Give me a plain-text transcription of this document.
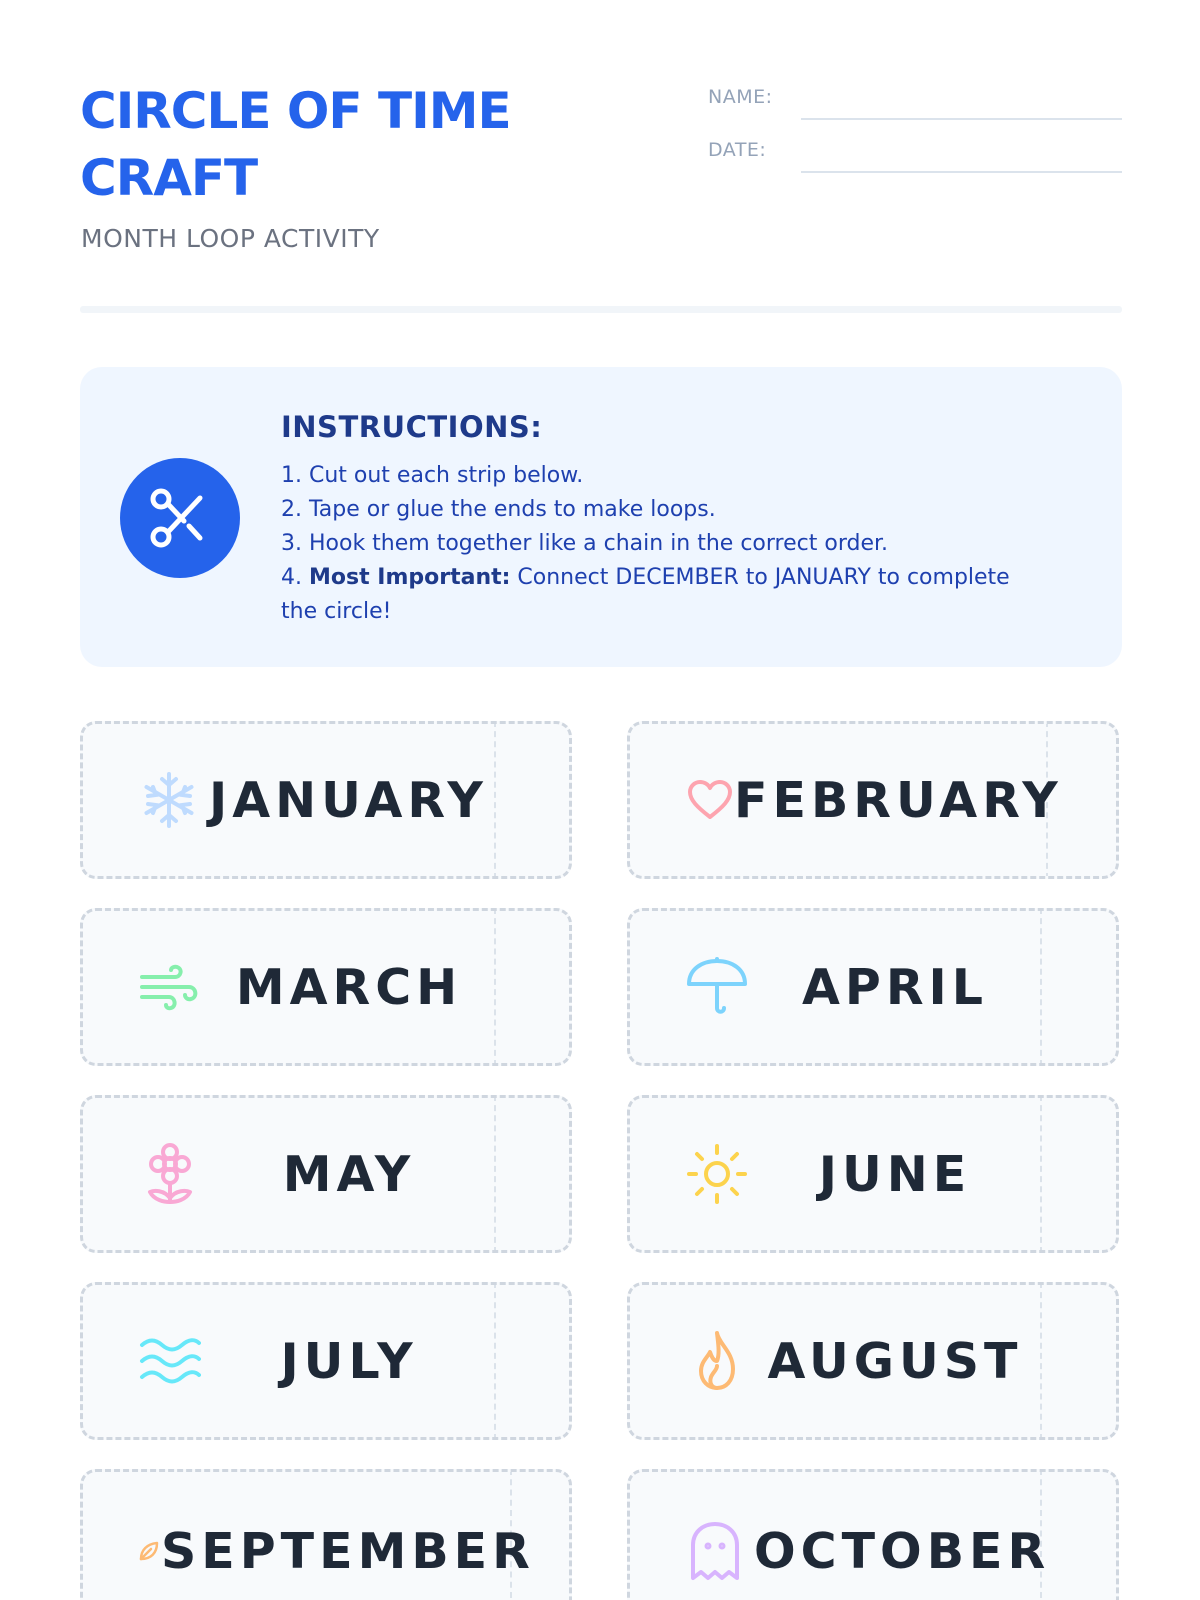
CIRCLE OF TIME
CRAFT
MONTH LOOP ACTIVITY
NAME:
DATE:
INSTRUCTIONS:
1. Cut out each strip below.
2. Tape or glue the ends to make loops.
3. Hook them together like a chain in the correct order.
4. Most Important: Connect DECEMBER to JANUARY to complete the circle!
JANUARY	FEBRUARY
MARCH	APRIL
MAY	JUNE
JULY	AUGUST
SEPTEMBER	OCTOBER
